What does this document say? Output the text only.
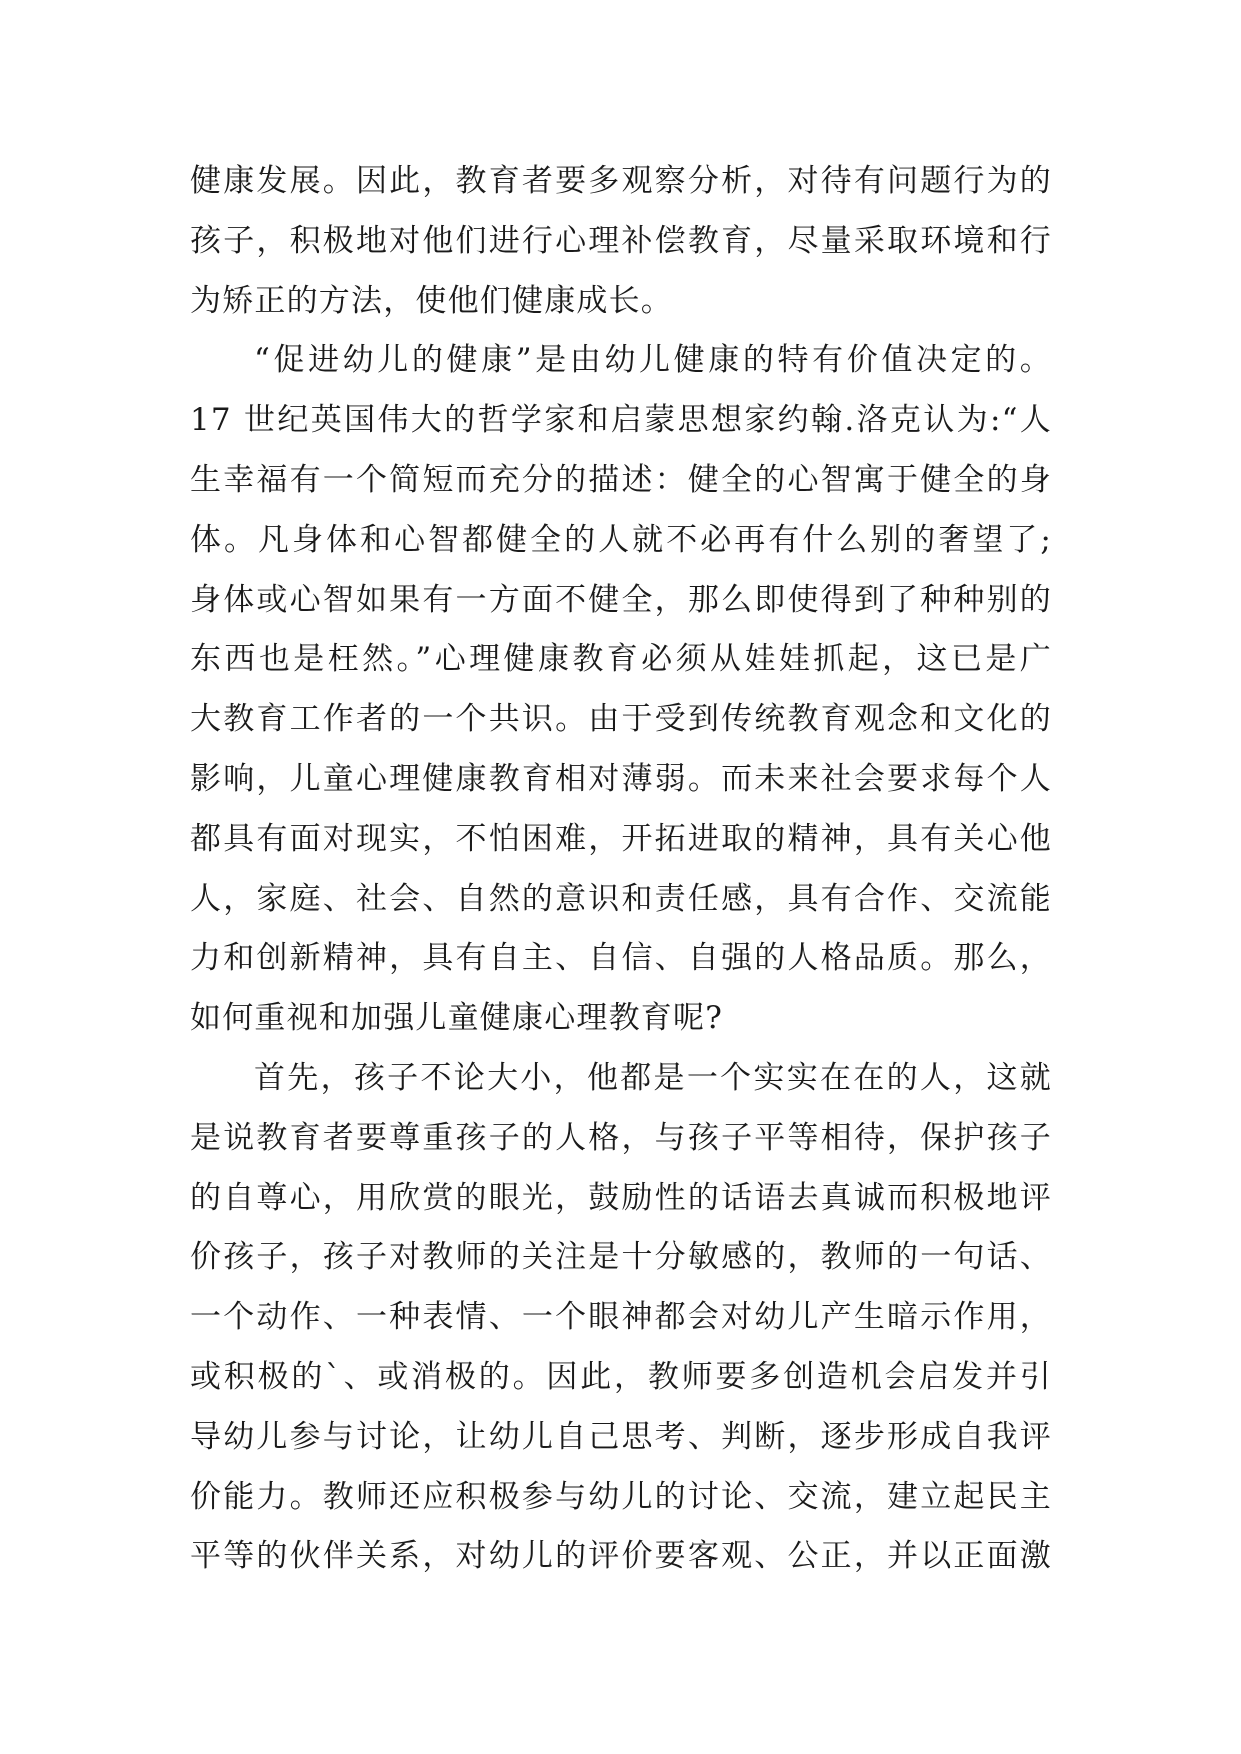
健康发展。因此，教育者要多观察分析，对待有问题行为的
孩子，积极地对他们进行心理补偿教育，尽量采取环境和行
为矫正的方法，使他们健康成长。
“促进幼儿的健康”是由幼儿健康的特有价值决定的。
17 世纪英国伟大的哲学家和启蒙思想家约翰.洛克认为:“人
生幸福有一个简短而充分的描述：健全的心智寓于健全的身
体。凡身体和心智都健全的人就不必再有什么别的奢望了;
身体或心智如果有一方面不健全，那么即使得到了种种别的
东西也是枉然。”心理健康教育必须从娃娃抓起，这已是广
大教育工作者的一个共识。由于受到传统教育观念和文化的
影响，儿童心理健康教育相对薄弱。而未来社会要求每个人
都具有面对现实，不怕困难，开拓进取的精神，具有关心他
人，家庭、社会、自然的意识和责任感，具有合作、交流能
力和创新精神，具有自主、自信、自强的人格品质。那么，
如何重视和加强儿童健康心理教育呢?
首先，孩子不论大小，他都是一个实实在在的人，这就
是说教育者要尊重孩子的人格，与孩子平等相待，保护孩子
的自尊心，用欣赏的眼光，鼓励性的话语去真诚而积极地评
价孩子，孩子对教师的关注是十分敏感的，教师的一句话、
一个动作、一种表情、一个眼神都会对幼儿产生暗示作用，
或积极的`、或消极的。因此，教师要多创造机会启发并引
导幼儿参与讨论，让幼儿自己思考、判断，逐步形成自我评
价能力。教师还应积极参与幼儿的讨论、交流，建立起民主
平等的伙伴关系，对幼儿的评价要客观、公正，并以正面激
